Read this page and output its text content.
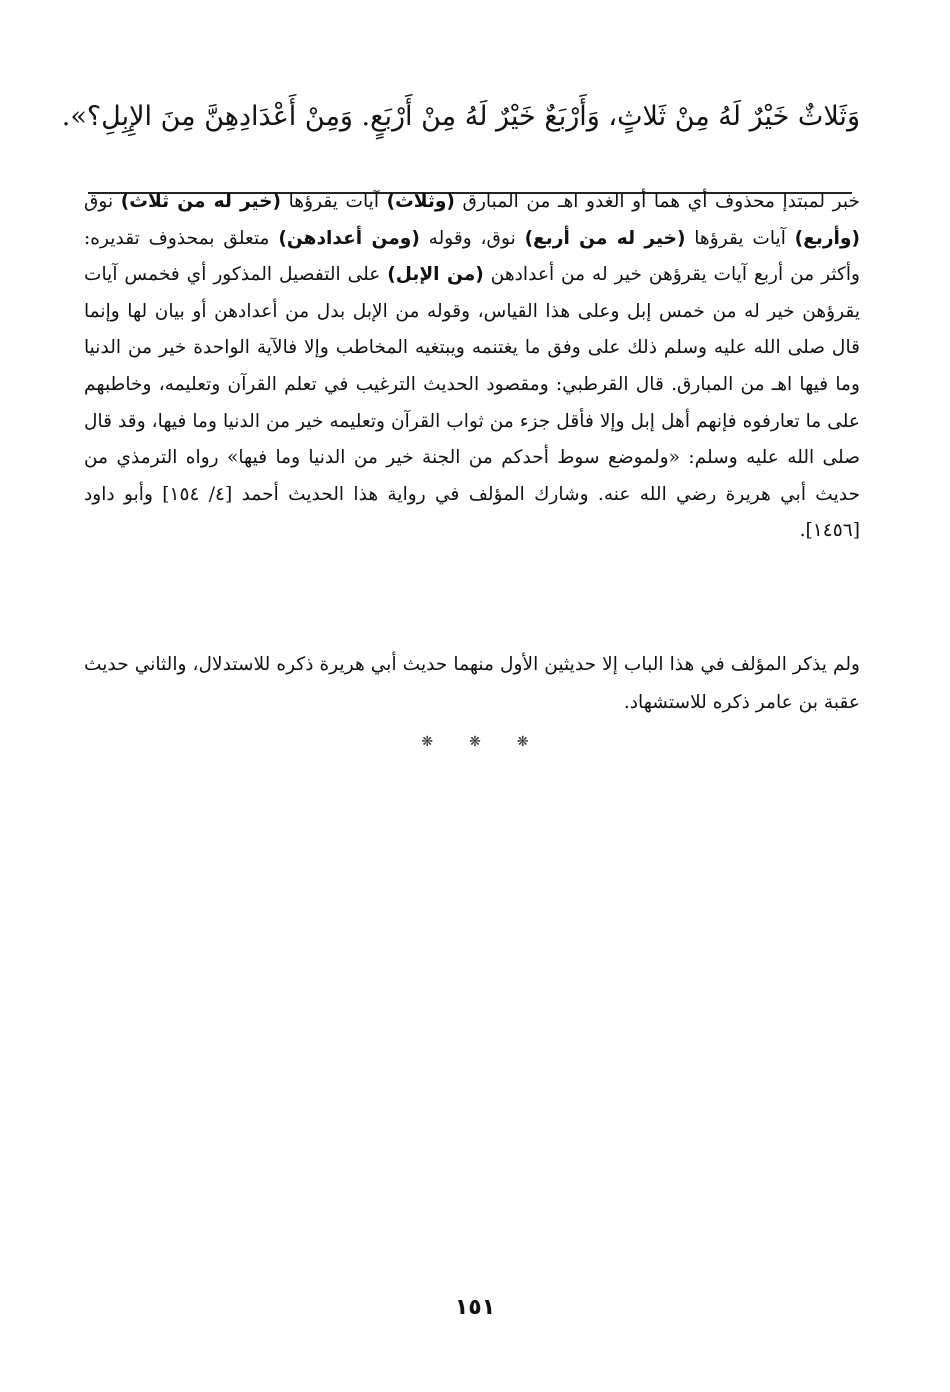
وَثَلاثٌ خَيْرٌ لَهُ مِنْ ثَلاثٍ، وَأَرْبَعٌ خَيْرٌ لَهُ مِنْ أَرْبَعٍ. وَمِنْ أَعْدَادِهِنَّ مِنَ الإِبِلِ؟».

خبر لمبتدإ محذوف أي هما أو الغدو اهـ من المبارق (وثلاث) آيات يقرؤها (خير له من ثلاث) نوق (وأربع) آيات يقرؤها (خير له من أربع) نوق، وقوله (ومن أعدادهن) متعلق بمحذوف تقديره: وأكثر من أربع آيات يقرؤهن خير له من أعدادهن (من الإبل) على التفصيل المذكور أي فخمس آيات يقرؤهن خير له من خمس إبل وعلى هذا القياس، وقوله من الإبل بدل من أعدادهن أو بيان لها وإنما قال صلى الله عليه وسلم ذلك على وفق ما يغتنمه ويبتغيه المخاطب وإلا فالآية الواحدة خير من الدنيا وما فيها اهـ من المبارق. قال القرطبي: ومقصود الحديث الترغيب في تعلم القرآن وتعليمه، وخاطبهم على ما تعارفوه فإنهم أهل إبل وإلا فأقل جزء من ثواب القرآن وتعليمه خير من الدنيا وما فيها، وقد قال صلى الله عليه وسلم: «ولموضع سوط أحدكم من الجنة خير من الدنيا وما فيها» رواه الترمذي من حديث أبي هريرة رضي الله عنه. وشارك المؤلف في رواية هذا الحديث أحمد [٤/ ١٥٤] وأبو داود [١٤٥٦].

ولم يذكر المؤلف في هذا الباب إلا حديثين الأول منهما حديث أبي هريرة ذكره للاستدلال، والثاني حديث عقبة بن عامر ذكره للاستشهاد.

❋	❋	❋
١٥١
